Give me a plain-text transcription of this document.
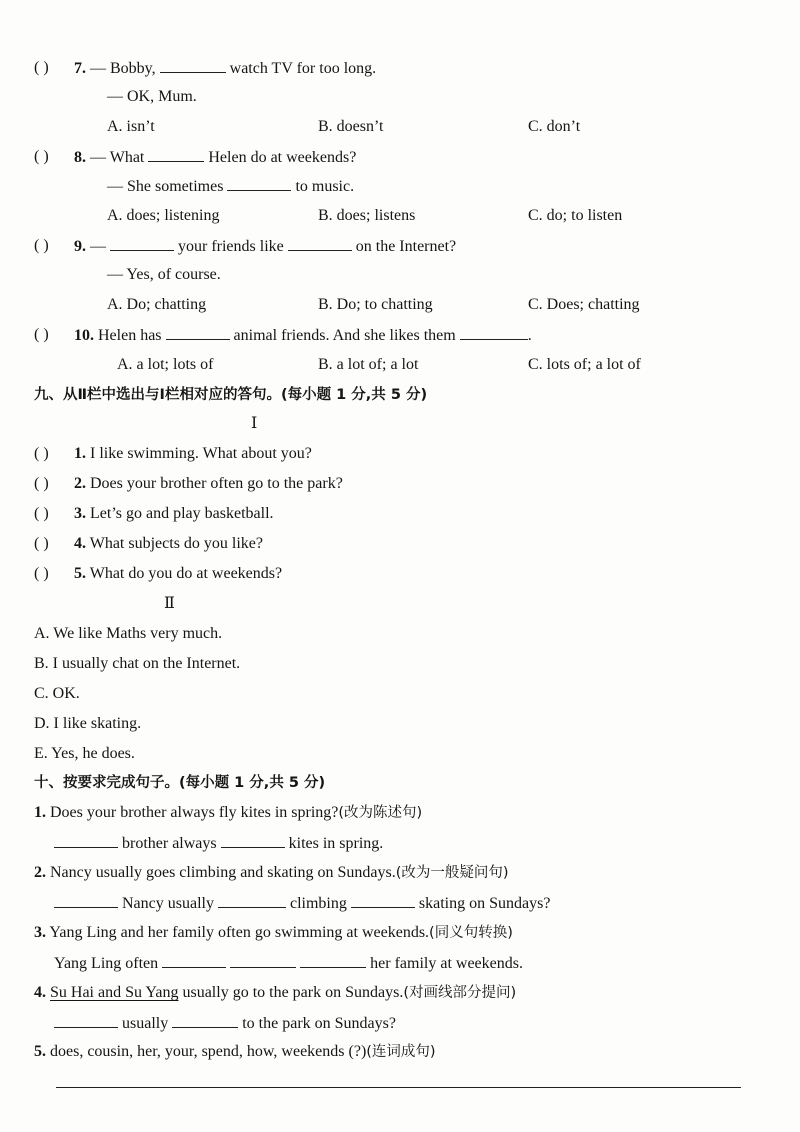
( ) 7. — Bobby,	watch TV for too long.
— OK, Mum.
A. isn’t	B. doesn’t	C. don’t
( ) 8. — What	Helen do at weekends?
— She sometimes	to music.
A. does; listening	B. does; listens	C. do; to listen
( ) 9. —	your friends like	on the Internet?
— Yes, of course.
A. Do; chatting	B. Do; to chatting	C. Does; chatting
( ) 10. Helen has	animal friends. And she likes them	.
A. a lot; lots of	B. a lot of; a lot	C. lots of; a lot of
九、从Ⅱ栏中选出与Ⅰ栏相对应的答句。(每小题 1 分,共 5 分)
Ⅰ
( ) 1. I like swimming. What about you?
( ) 2. Does your brother often go to the park?
( ) 3. Let’s go and play basketball.
( ) 4. What subjects do you like?
( ) 5. What do you do at weekends?
Ⅱ
A. We like Maths very much.
B. I usually chat on the Internet.
C. OK.
D. I like skating.
E. Yes, he does.
十、按要求完成句子。(每小题 1 分,共 5 分)
1. Does your brother always fly kites in spring?(改为陈述句)
brother always	kites in spring.
2. Nancy usually goes climbing and skating on Sundays.(改为一般疑问句)
Nancy usually	climbing	skating on Sundays?
3. Yang Ling and her family often go swimming at weekends.(同义句转换)
Yang Ling often	her family at weekends.
4. Su Hai and Su Yang usually go to the park on Sundays.(对画线部分提问)
usually	to the park on Sundays?
5. does, cousin, her, your, spend, how, weekends (?)(连词成句)
